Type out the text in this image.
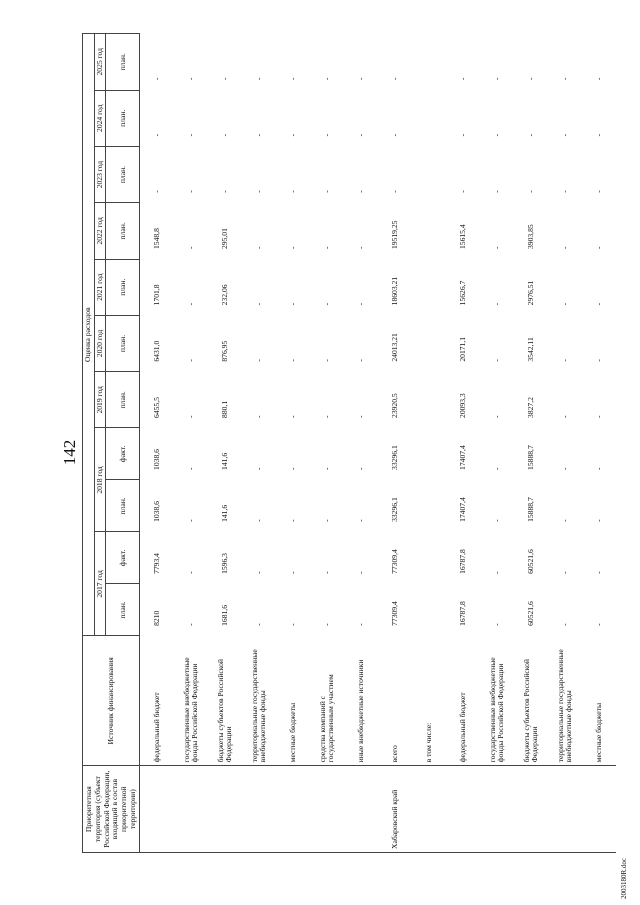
142
Приоритетная территория (субъект Российской Федерации, входящий в состав приоритетной территории)	Источник финансирования	Оценка расходов										
		2017 год		2018 год		2019 год	2020 год	2021 год	2022 год	2023 год	2024 год	2025 год
		план.	факт.	план.	факт.	план.	план.	план.	план.	план.	план.	план.
	федеральный бюджет	8210	7793,4	1038,6	1038,6	6455,5	6431,0	1701,8	1548,8	-	-	-
	государственные внебюджетные фонды Российской Федерации	-	-	-	-	-	-	-	-	-	-	-
	бюджеты субъектов Российской Федерации	1681,6	1596,3	141,6	141,6	880,1	876,95	232,06	295,01	-	-	-
	территориальные государственные внебюджетные фонды	-	-	-	-	-	-	-	-	-	-	-
	местные бюджеты	-	-	-	-	-	-	-	-	-	-	-
	средства компаний с государственным участием	-	-	-	-	-	-	-	-	-	-	-
	иные внебюджетные источники	-	-	-	-	-	-	-	-	-	-	-
Хабаровский край	всего	77309,4	77309,4	33296,1	33296,1	23920,5	24013,21	18603,21	19519,25	-	-	-
	в том числе:											
	федеральный бюджет	16787,8	16787,8	17407,4	17407,4	20093,3	20171,1	15626,7	15615,4	-	-	-
	государственные внебюджетные фонды Российской Федерации	-	-	-	-	-	-	-	-	-	-	-
	бюджеты субъектов Российской Федерации	60521,6	60521,6	15888,7	15888,7	3827,2	3542,11	2976,51	3903,85	-	-	-
	территориальные государственные внебюджетные фонды	-	-	-	-	-	-	-	-	-	-	-
	местные бюджеты	-	-	-	-	-	-	-	-	-	-	-
2003180R.doc
